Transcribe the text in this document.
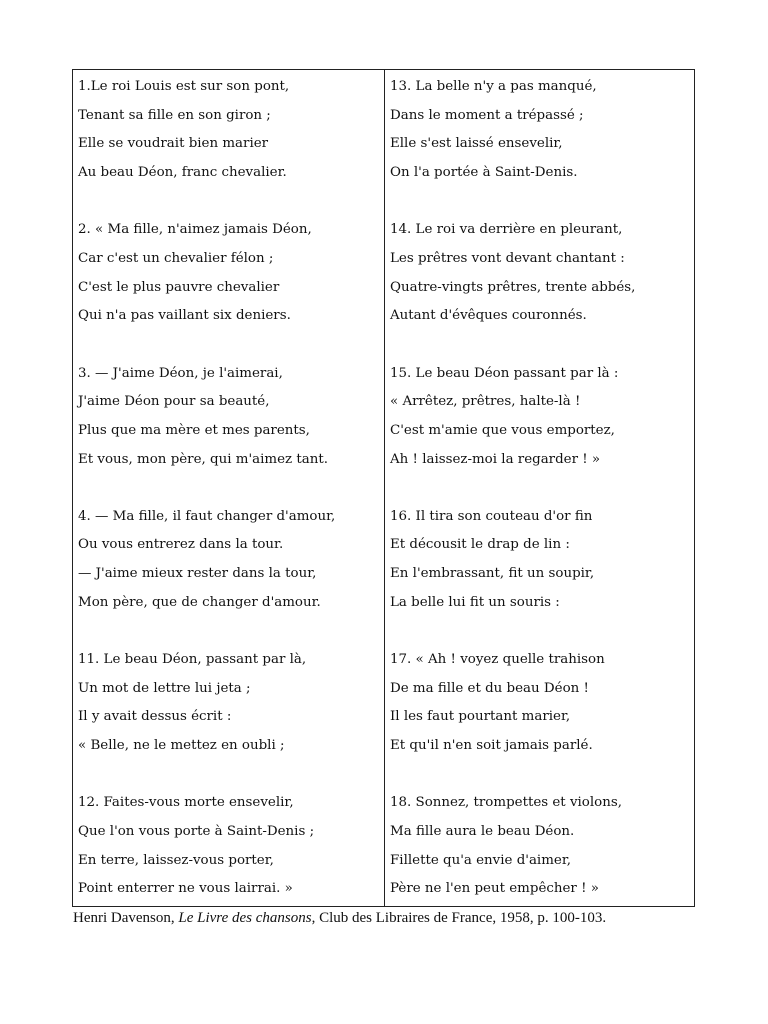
1.Le roi Louis est sur son pont,
Tenant sa fille en son giron ;
Elle se voudrait bien marier
Au beau Déon, franc chevalier.
2. « Ma fille, n'aimez jamais Déon,
Car c'est un chevalier félon ;
C'est le plus pauvre chevalier
Qui n'a pas vaillant six deniers.
3. — J'aime Déon, je l'aimerai,
J'aime Déon pour sa beauté,
Plus que ma mère et mes parents,
Et vous, mon père, qui m'aimez tant.
4. — Ma fille, il faut changer d'amour,
Ou vous entrerez dans la tour.
— J'aime mieux rester dans la tour,
Mon père, que de changer d'amour.
11. Le beau Déon, passant par là,
Un mot de lettre lui jeta ;
Il y avait dessus écrit :
« Belle, ne le mettez en oubli ;
12. Faites-vous morte ensevelir,
Que l'on vous porte à Saint-Denis ;
En terre, laissez-vous porter,
Point enterrer ne vous lairrai. »
13. La belle n'y a pas manqué,
Dans le moment a trépassé ;
Elle s'est laissé ensevelir,
On l'a portée à Saint-Denis.
14. Le roi va derrière en pleurant,
Les prêtres vont devant chantant :
Quatre-vingts prêtres, trente abbés,
Autant d'évêques couronnés.
15. Le beau Déon passant par là :
« Arrêtez, prêtres, halte-là !
C'est m'amie que vous emportez,
Ah ! laissez-moi la regarder ! »
16. Il tira son couteau d'or fin
Et décousit le drap de lin :
En l'embrassant, fit un soupir,
La belle lui fit un souris :
17. « Ah ! voyez quelle trahison
De ma fille et du beau Déon !
Il les faut pourtant marier,
Et qu'il n'en soit jamais parlé.
18. Sonnez, trompettes et violons,
Ma fille aura le beau Déon.
Fillette qu'a envie d'aimer,
Père ne l'en peut empêcher ! »
Henri Davenson, Le Livre des chansons, Club des Libraires de France, 1958, p. 100-103.
